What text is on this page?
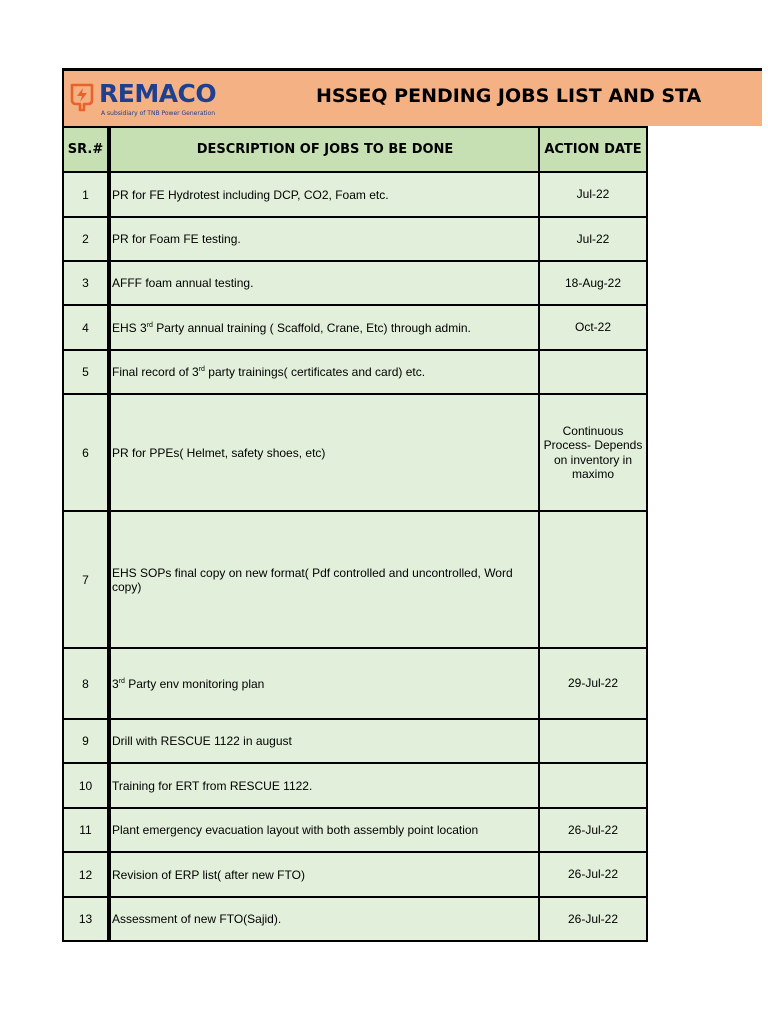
REMACO
A subsidiary of TNB Power Generation
HSSEQ PENDING JOBS LIST AND STA
SR.#	DESCRIPTION OF JOBS TO BE DONE	ACTION DATE
1	PR for FE Hydrotest including DCP, CO2, Foam etc.	Jul-22

2	PR for Foam FE testing.	Jul-22

3	AFFF foam annual testing.	18-Aug-22

4	EHS 3rd Party annual training ( Scaffold, Crane, Etc) through admin.	Oct-22

5	Final record of 3rd party trainings( certificates and card) etc.	

6	PR for PPEs( Helmet, safety shoes, etc)	Continuous
Process- Depends
on inventory in
maximo

7	EHS SOPs final copy on new format( Pdf controlled and uncontrolled, Word copy)	

8	3rd Party env monitoring plan	29-Jul-22

9	Drill with RESCUE 1122 in august	

10	Training for ERT from RESCUE 1122.	

11	Plant emergency evacuation layout with both assembly point location	26-Jul-22

12	Revision of ERP list( after new FTO)	26-Jul-22

13	Assessment of new FTO(Sajid).	26-Jul-22
